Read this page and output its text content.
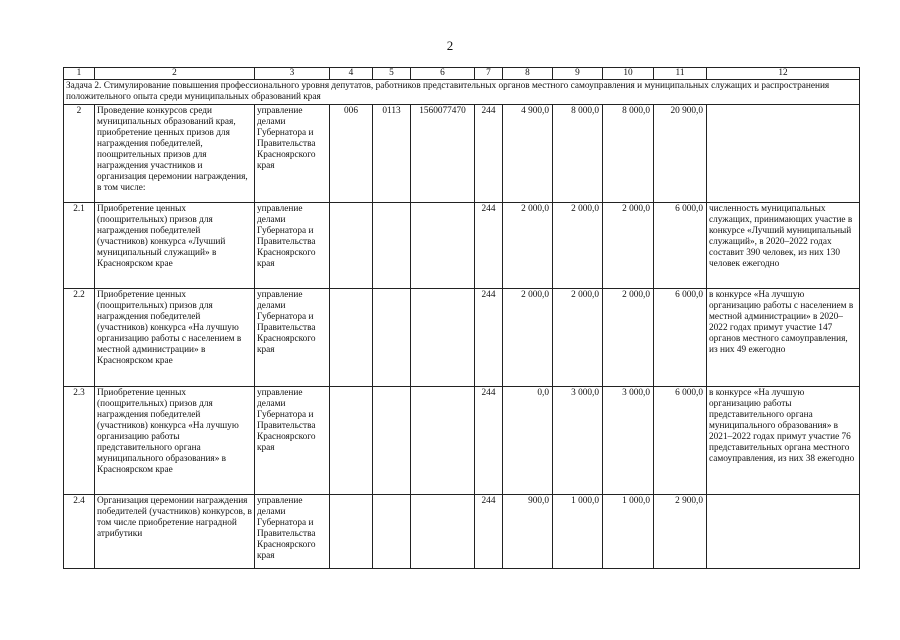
2
1	2	3	4	5	6	7	8	9	10	11	12
Задача 2. Стимулирование повышения профессионального уровня депутатов, работников представительных органов местного самоуправления и муниципальных служащих и распространения положительного опыта среди муниципальных образований края											
2	Проведение конкурсов среди муниципальных образований края, приобретение ценных призов для награждения победителей, поощрительных призов для награждения участников и организация церемонии награждения, в том числе:	управление делами Губернатора и Правительства Красноярского края	006	0113	1560077470	244	4 900,0	8 000,0	8 000,0	20 900,0	
2.1	Приобретение ценных (поощрительных) призов для награждения победителей (участников) конкурса «Лучший муниципальный служащий» в Красноярском крае	управление делами Губернатора и Правительства Красноярского края				244	2 000,0	2 000,0	2 000,0	6 000,0	численность муниципальных служащих, принимающих участие в конкурсе «Лучший муниципальный служащий», в 2020–2022 годах составит 390 человек, из них 130 человек ежегодно
2.2	Приобретение ценных (поощрительных) призов для награждения победителей (участников) конкурса «На лучшую организацию работы с населением в местной администрации» в Красноярском крае	управление делами Губернатора и Правительства Красноярского края				244	2 000,0	2 000,0	2 000,0	6 000,0	в конкурсе «На лучшую организацию работы с населением в местной администрации» в 2020–2022 годах примут участие 147 органов местного самоуправления, из них 49 ежегодно
2.3	Приобретение ценных (поощрительных) призов для награждения победителей (участников) конкурса «На лучшую организацию работы представительного органа муниципального образования» в Красноярском крае	управление делами Губернатора и Правительства Красноярского края				244	0,0	3 000,0	3 000,0	6 000,0	в конкурсе «На лучшую организацию работы представительного органа муниципального образования» в 2021–2022 годах примут участие 76 представительных органа местного самоуправления, из них 38 ежегодно
2.4	Организация церемонии награждения победителей (участников) конкурсов, в том числе приобретение наградной атрибутики	управление делами Губернатора и Правительства Красноярского края				244	900,0	1 000,0	1 000,0	2 900,0	
